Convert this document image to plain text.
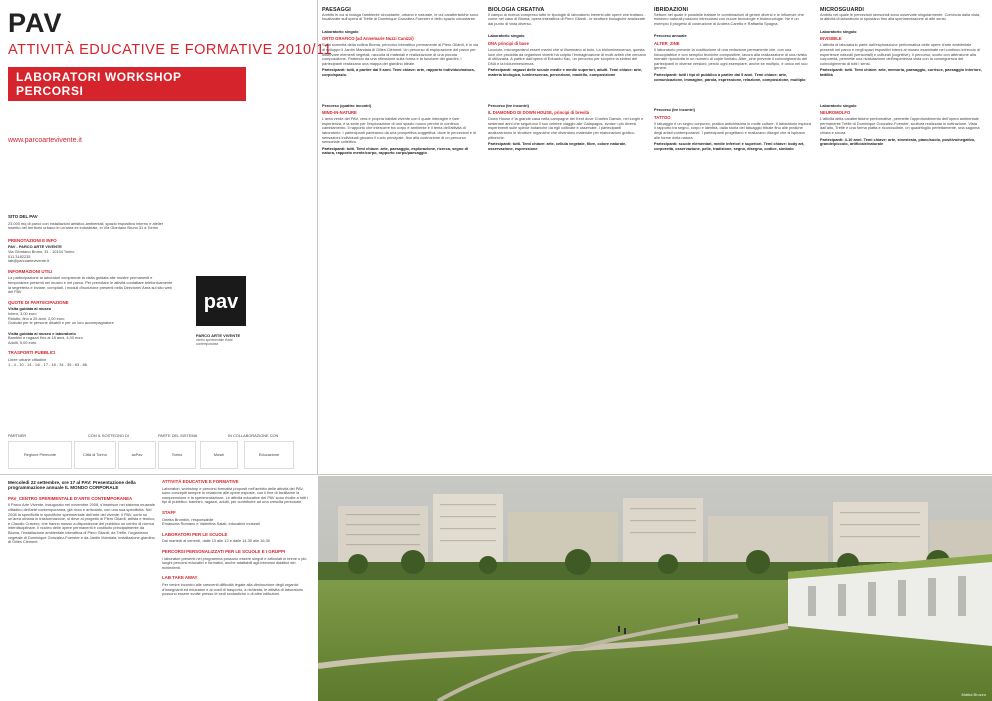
PAV
ATTIVITÀ EDUCATIVE E FORMATIVE 2010/11
LABORATORI WORKSHOP PERCORSI
www.parcoartevivente.it
pav
PARCO ARTE VIVENTE
centro sperimentale d'arte contemporanea

SITO DEL PAV

23.000 mq di parco con installazioni artistico-ambientali, spazio espositivo interno e atelier inserito nel territorio urbano in un'area ex industriale, in Via Giordano Bruno 31 a Torino

PRENOTAZIONI E INFO

PAV - PARCO ARTE VIVENTE

Via Giordano Bruno, 31 - 10134 Torino

011.3182235

lab@parcoartevivente.it

INFORMAZIONI UTILI

La partecipazione ai laboratori comprende la visita guidata alle mostre permanenti e temporanee presenti nel museo e nel parco. Per prenotare le attività contattare telefonicamente la segreteria e inviare, compilati, i moduli d'iscrizione presenti nella Direzione/ Area sul sito web del PAV

QUOTE DI PARTECIPAZIONE

Visita guidata al museo

Intero, 3,00 euro

Ridotto, fino a 25 anni, 2,00 euro

Gratuito per le persone disabili e per un loro accompagnatore

Visita guidata al museo e laboratorio

Bambini e ragazzi fino ai 18 anni, 4,00 euro

Adulti, 5,00 euro

TRASPORTI PUBBLICI

Linee urbane cittadine

1 - 4 - 10 - 14 - 14/ - 17 - 18 - 34 - 35 - 63 - 66

PARTNER	CON IL SOSTEGNO DI	PARTE DEL SISTEMA	IN COLLABORAZIONE CON
Regione Piemonte	Città di Torino	acPav	Torino	Musei	Educazione
PAESAGGI

Ambito in cui si indaga l'ambiente circostante, urbano e naturale, le cui caratteristiche sono focalizzate sull'opera di Trèfle di Dominique González-Foerster e dello spazio circostante.

Laboratorio singolo

ORTO GRAFICO (ad Annemarie Nuzzi Canizzi)

Sulla sommità della collina Bioma, percorso interattivo permanente di Piero Gilardi, è in via di sviluppo il Jardin Mandala di Gilles Clément. Un percorso di esplorazione del parco per osservare elementi vegetali, raccolta di materiali e realizzazione di una piccola composizione. Partendo da una riflessione sulla forma e la funzione dei giardini, i partecipanti realizzano una mappa del giardino ideale.

Partecipanti: tutti, a partire dai 5 anni. Temi chiave: arte, rapporto individuo/natura, corpo/spazio.

Percorso (quattro incontri)

MIND-IN-NATURE

L'area verde del PAV, vera e propria habitat vivente con il quale interagire e fare esperienza, è la sede per l'esplorazione di uno spazio nuovo perché in continuo cambiamento. Il rapporto che intercorre tra corpo e ambiente è il tema dell'attività di laboratorio. I partecipanti partiranno da una prospettiva soggettiva, dove le percezioni e le sensazioni individuali giocano il ruolo principale, fino alla costruzione di un percorso sensoriale collettivo.

Partecipanti: tutti. Temi chiave: arte, paesaggio, esplorazione, ricerca, segno di natura, rapporto mente/corpo, rapporto corpo/paesaggio

BIOLOGIA CREATIVA

Il campo di ricerca compreso tutte le tipologie di laboratorio inerenti alle opere che trattano - come nel caso di Bioma, opera interattiva di Piero Gilardi - le strutture biologiche analizzate dal punto di vista diverso.

Laboratorio singolo

DNA principi di base

Lucciole, microrganismi esseri marini che si illuminano al buio. La bioluminescenza, questa luce che prodotta da organismi viventi ha colpito l'immaginazione di molti artisti che cercano di utilizzarla. A partire dall'opera di Eduardo Kac, un percorso per scoprire la sintesi del DNA e la bioluminescenza.

Partecipanti: ragazzi delle scuole medie e medie superiori, adulti. Temi chiave: arte, materia biologica, luminescenza, percezione, modello, composizione

Percorso (tre incontri)

IL DIAMONDO DI DOWN HOUSE, principi di brevità

Down House è la grande casa nella campagne del Kent dove Charles Darwin, nei lunghi e sedentari anni che seguirono il suo celebre viaggio alle Galapagos, svolse i più diversi esperimenti sulle specie botaniche da egli coltivate e osservate. I partecipanti analizzeranno le strutture organiche che diventano materiale per elaborazioni grafico-pittoriche.

Partecipanti: tutti. Temi chiave: arte, cellula vegetale, fibre, colore naturale, osservazione, espressione

IBRIDAZIONI

Settore nel quale è possibile trattare le combinazioni di generi diversi e le influenze che esistono naturali possono intrecciarsi con nuove tecnologie e biotecnologie. Ne è un esempio il progetto di costruzione di Andrea Caretto e Raffaella Spagna.

Percorso annuale

ALTER_ZINE

Il laboratorio prevede la costituzione di una redazione permanente che, con una fotocopiatrice e con semplici tecniche compositive, lavora alla realizzazione di una rivista mensile riprodotta in un numero di copie limitato. Alter_zine prevede il coinvolgimento dei partecipanti in diverse versioni, perciò ogni esemplare, anche se multiplo, è unico nel suo genere.

Partecipanti: tutti i tipi di pubblico a partire dai 5 anni. Temi chiave: arte, comunicazione, immagine, parola, espressione, relazione, composizione, multiplo

Percorso (tre incontri)

TATTOO

Il tatuaggio è un segno corporeo, pratica antichissima in molte culture. Il laboratorio esplora il rapporto tra segno, corpo e identità, dalla storia del tatuaggio tribale fino alle pratiche degli artisti contemporanei. I partecipanti progettano e realizzano disegni che si ispirano alle forme della natura.

Partecipanti: scuole elementari, medie inferiori e superiori. Temi chiave: body art, corporeità, osservazione, pelle, tradizione, segno, disegno, codice, simbolo

MICROSGUARDI

Ambito nel quale le percezioni sensoriali sono osservate singolarmente. Comincia dalla vista, la attività di laboratorio si spostano fino alla sperimentazione di altri sensi.

Laboratorio singolo

INVISIBILE

L'attività di laboratorio parte dall'esplorazione performativa delle opere d'arte ambientale presenti nel parco e negli spazi espositivi interni al museo esaminate nel continuo intreccio di esperienze naturali (sensoriali) e culturali (cognitive). Il percorso, svolto con attenzione alla corporeità, permette una rivalutazione dell'esperienza vista con la conseguenza del coinvolgimento di tutti i sensi.

Partecipanti: tutti. Temi chiave: arte, memoria, paesaggio, corrisce, paesaggio interiore, tattilità

Laboratorio singolo

NEUROMOLFO

L'attività della caratteristiche performative, permette l'approfondimento dell'opera ambientale permanente Trèfle di Dominique Gonzalez-Foerster, scultura realizzata in sottrazione. Vista dall'alto, Trèfle è una forma piatta e riconoscibile, un quadrifoglio perfettamente, una sagoma chiara e sicura.

Partecipanti: 4-10 anni. Temi chiave: arte, sinestesia, piano/suolo, positivo/negativo, grande/piccolo, artificiale/naturale

Mercoledì 22 settembre, ore 17 al PAV: Presentazione della programmazione annuale IL MONDO CORPORALE

PAV_CENTRO SPERIMENTALE D'ARTE CONTEMPORANEA

Il Parco Arte Vivente, inaugurato nel novembre 2008, s'inserisce nel sistema museale cittadino dell'arte contemporanea, già ricco e articolato, con una sua specificità. Nel 2008 la specificità in specifiche sperimentale dell'arte del vivente. Il PAV, sorto su un'area urbana in trasformazione, si deve al progetto di Piero Gilardi, artista e teorico, e Claudio Cravero, che hanno messo a disposizione del pubblico un centro di ricerca interdisciplinare. Il nucleo delle opere permanenti è costituito principalmente da Bioma, l'installazione ambientale interattiva di Piero Gilardi; da Trèfle, l'organismo vegetale di Dominique Gonzalez-Foerster e da Jardin Mandala, installazione-giardino di Gilles Clément.

ATTIVITÀ EDUCATIVE E FORMATIVE

Laboratori, workshop e percorsi formativi proposti nell'ambito delle attività del PAV, sono concepiti sempre in relazione alle opere esposte, con il fine di facilitarne la comprensione e la sperimentazione. Le attività educative del PAV sono rivolte a tutti i tipi di pubblico: bambini, ragazzi, adulti, per contribuire ad una crescita personale.

STAFF

Orietta Brombin, responsabile

Emanuela Romano e Valentina Salati, educatrici museali

LABORATORI PER LE SCUOLE

Dal martedì al venerdì, dalle 10 alle 12 e dalle 14.30 alle 16.30

PERCORSI PERSONALIZZATI PER LE SCUOLE E I GRUPPI

I laboratori presenti nel programma possono essere singoli e articolati in breve o più lunghi percorsi educativi e formativi, anche adattabili agli interessi didattici dei richiedenti.

LAB TAKE AWAY

Per venire incontro alle crescenti difficoltà legate alla diminuzione degli organici d'insegnanti ed educatori e ai costi di trasporto, a richiesta, le attività di laboratorio possono essere svolte presso le sedi scolastiche o di altre istituzioni.

Mattia Bruzzo
